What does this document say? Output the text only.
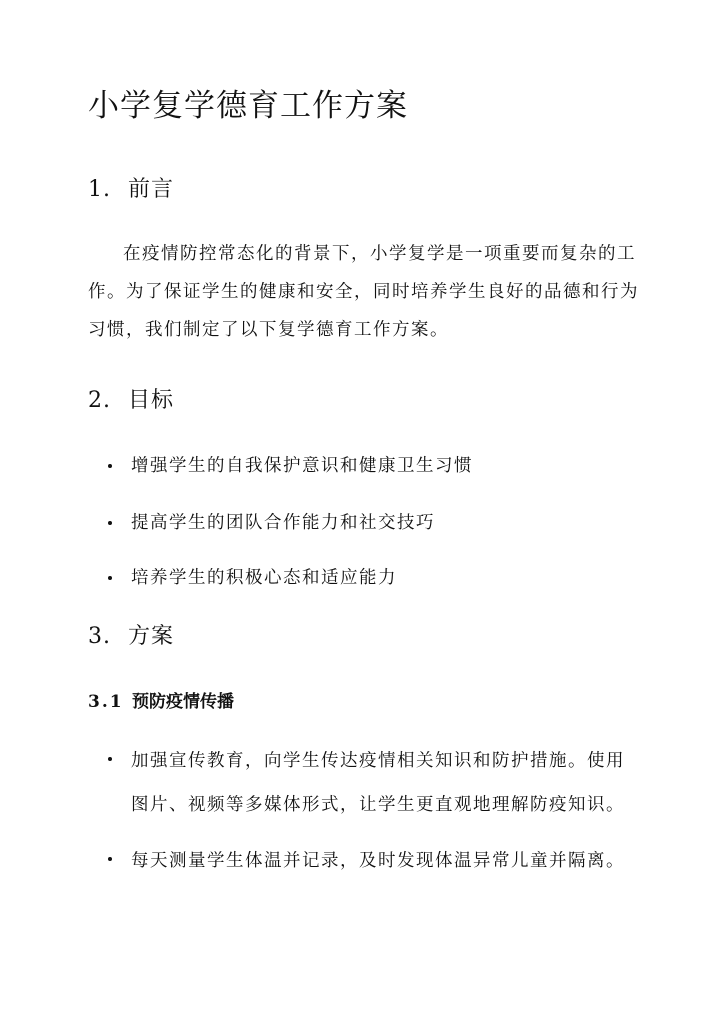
小学复学德育工作方案
1. 前言
在疫情防控常态化的背景下，小学复学是一项重要而复杂的工
作。为了保证学生的健康和安全，同时培养学生良好的品德和行为
习惯，我们制定了以下复学德育工作方案。
2. 目标
增强学生的自我保护意识和健康卫生习惯
提高学生的团队合作能力和社交技巧
培养学生的积极心态和适应能力
3. 方案
3.1 预防疫情传播
加强宣传教育，向学生传达疫情相关知识和防护措施。使用
图片、视频等多媒体形式，让学生更直观地理解防疫知识。
每天测量学生体温并记录，及时发现体温异常儿童并隔离。
